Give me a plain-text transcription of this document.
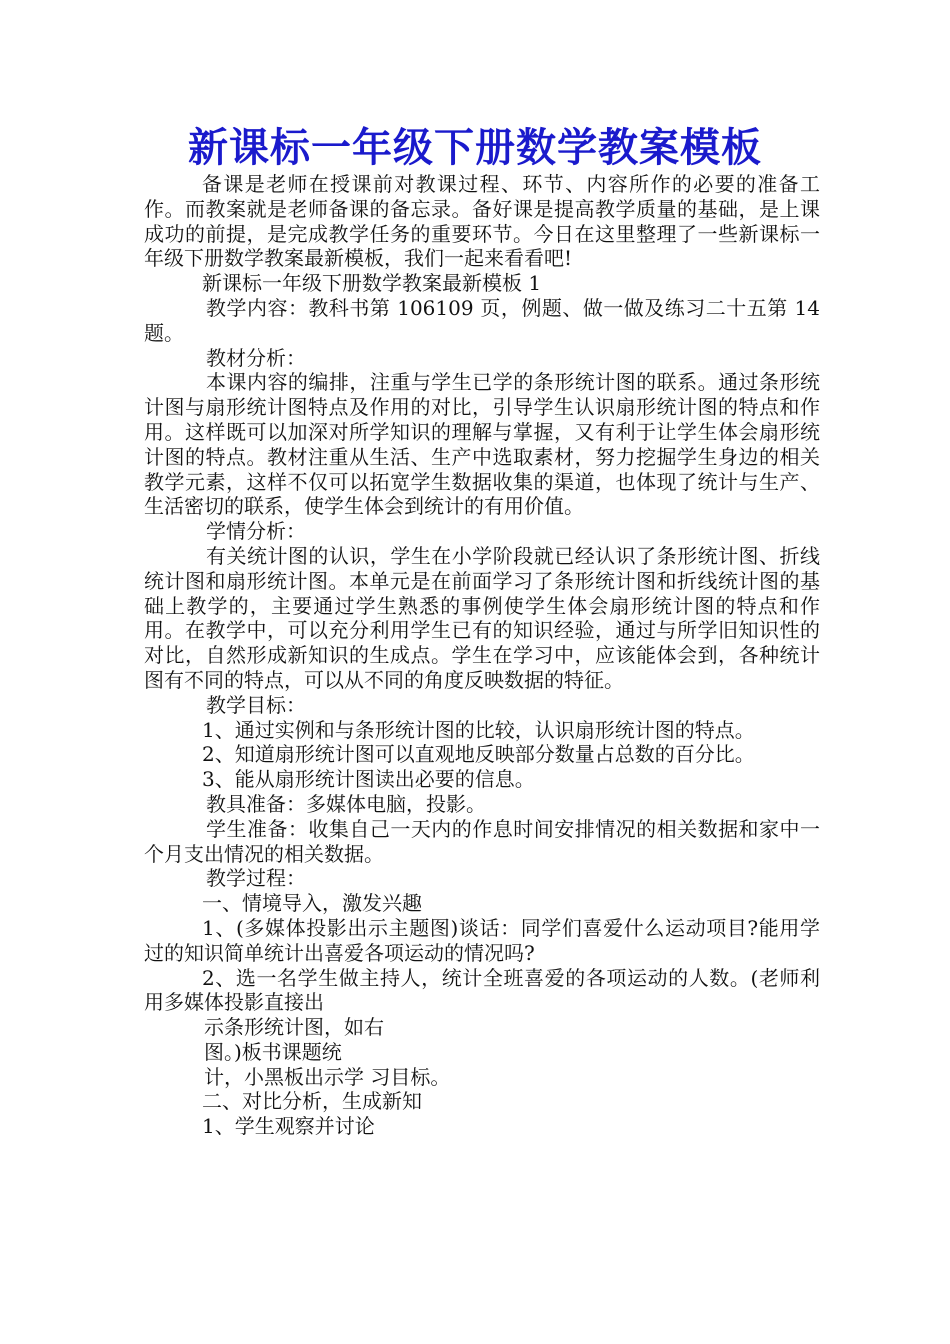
新课标一年级下册数学教案模板

备课是老师在授课前对教课过程、环节、内容所作的必要的准备工作。而教案就是老师备课的备忘录。备好课是提高教学质量的基础，是上课成功的前提，是完成教学任务的重要环节。今日在这里整理了一些新课标一年级下册数学教案最新模板，我们一起来看看吧!

新课标一年级下册数学教案最新模板 1

教学内容：教科书第 106109 页，例题、做一做及练习二十五第 14 题。

教材分析：

本课内容的编排，注重与学生已学的条形统计图的联系。通过条形统计图与扇形统计图特点及作用的对比，引导学生认识扇形统计图的特点和作用。这样既可以加深对所学知识的理解与掌握，又有利于让学生体会扇形统计图的特点。教材注重从生活、生产中选取素材，努力挖掘学生身边的相关教学元素，这样不仅可以拓宽学生数据收集的渠道，也体现了统计与生产、生活密切的联系，使学生体会到统计的有用价值。

学情分析：

有关统计图的认识，学生在小学阶段就已经认识了条形统计图、折线统计图和扇形统计图。本单元是在前面学习了条形统计图和折线统计图的基础上教学的，主要通过学生熟悉的事例使学生体会扇形统计图的特点和作用。在教学中，可以充分利用学生已有的知识经验，通过与所学旧知识性的对比，自然形成新知识的生成点。学生在学习中，应该能体会到，各种统计图有不同的特点，可以从不同的角度反映数据的特征。

教学目标：

1、通过实例和与条形统计图的比较，认识扇形统计图的特点。

2、知道扇形统计图可以直观地反映部分数量占总数的百分比。

3、能从扇形统计图读出必要的信息。

教具准备：多媒体电脑，投影。

学生准备：收集自己一天内的作息时间安排情况的相关数据和家中一个月支出情况的相关数据。

教学过程：

一、情境导入，激发兴趣

1、(多媒体投影出示主题图)谈话：同学们喜爱什么运动项目?能用学过的知识简单统计出喜爱各项运动的情况吗?

2、选一名学生做主持人，统计全班喜爱的各项运动的人数。(老师利用多媒体投影直接出

示条形统计图，如右

图。)板书课题统

计，小黑板出示学 习目标。

二、对比分析，生成新知

1、学生观察并讨论
